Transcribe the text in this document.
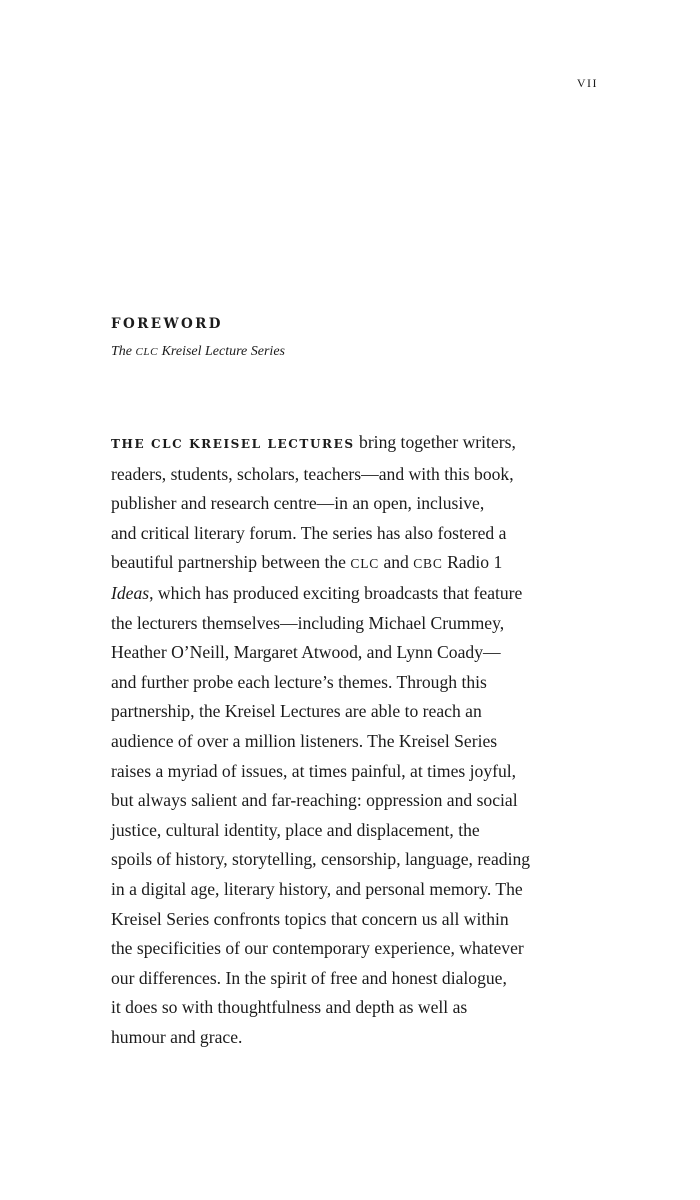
VII
FOREWORD
The CLC Kreisel Lecture Series
THE CLC KREISEL LECTURES bring together writers,
readers, students, scholars, teachers—and with this book,
publisher and research centre—in an open, inclusive,
and critical literary forum. The series has also fostered a
beautiful partnership between the CLC and CBC Radio 1
Ideas, which has produced exciting broadcasts that feature
the lecturers themselves—including Michael Crummey,
Heather O’Neill, Margaret Atwood, and Lynn Coady—
and further probe each lecture’s themes. Through this
partnership, the Kreisel Lectures are able to reach an
audience of over a million listeners. The Kreisel Series
raises a myriad of issues, at times painful, at times joyful,
but always salient and far-reaching: oppression and social
justice, cultural identity, place and displacement, the
spoils of history, storytelling, censorship, language, reading
in a digital age, literary history, and personal memory. The
Kreisel Series confronts topics that concern us all within
the specificities of our contemporary experience, whatever
our differences. In the spirit of free and honest dialogue,
it does so with thoughtfulness and depth as well as
humour and grace.
